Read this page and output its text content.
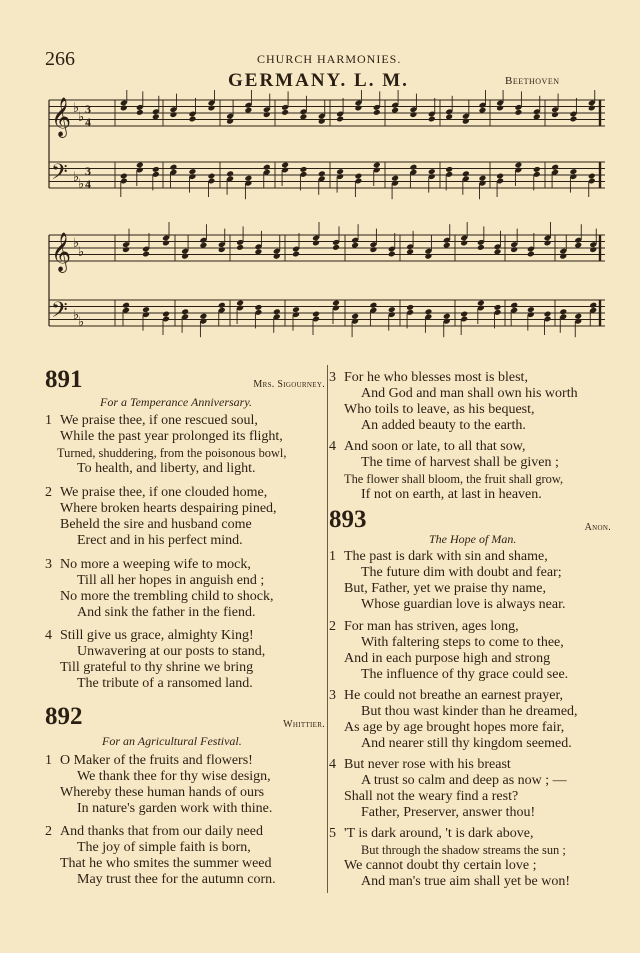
266	CHURCH HARMONIES.
GERMANY. L. M.	Beethoven
𝄞 ♭
♭ 3
4
𝄢 ♭
♭
3
4
𝄞 ♭
♭
𝄢 ♭
♭
891	Mrs. Sigourney.
For a Temperance Anniversary.
1 We praise thee, if one rescued soul,
While the past year prolonged its flight,
Turned, shuddering, from the poisonous bowl,
To health, and liberty, and light.
2 We praise thee, if one clouded home,
Where broken hearts despairing pined,
Beheld the sire and husband come
Erect and in his perfect mind.
3 No more a weeping wife to mock,
Till all her hopes in anguish end ;
No more the trembling child to shock,
And sink the father in the fiend.
4 Still give us grace, almighty King!
Unwavering at our posts to stand,
Till grateful to thy shrine we bring
The tribute of a ransomed land.
892	Whittier.
For an Agricultural Festival.
1 O Maker of the fruits and flowers!
We thank thee for thy wise design,
Whereby these human hands of ours
In nature's garden work with thine.
2 And thanks that from our daily need
The joy of simple faith is born,
That he who smites the summer weed
May trust thee for the autumn corn.
3 For he who blesses most is blest,
And God and man shall own his worth
Who toils to leave, as his bequest,
An added beauty to the earth.
4 And soon or late, to all that sow,
The time of harvest shall be given ;
The flower shall bloom, the fruit shall grow,
If not on earth, at last in heaven.
893	Anon.
The Hope of Man.
1 The past is dark with sin and shame,
The future dim with doubt and fear;
But, Father, yet we praise thy name,
Whose guardian love is always near.
2 For man has striven, ages long,
With faltering steps to come to thee,
And in each purpose high and strong
The influence of thy grace could see.
3 He could not breathe an earnest prayer,
But thou wast kinder than he dreamed,
As age by age brought hopes more fair,
And nearer still thy kingdom seemed.
4 But never rose with his breast
A trust so calm and deep as now ; —
Shall not the weary find a rest?
Father, Preserver, answer thou!
5 'T is dark around, 't is dark above,
But through the shadow streams the sun ;
We cannot doubt thy certain love ;
And man's true aim shall yet be won!
